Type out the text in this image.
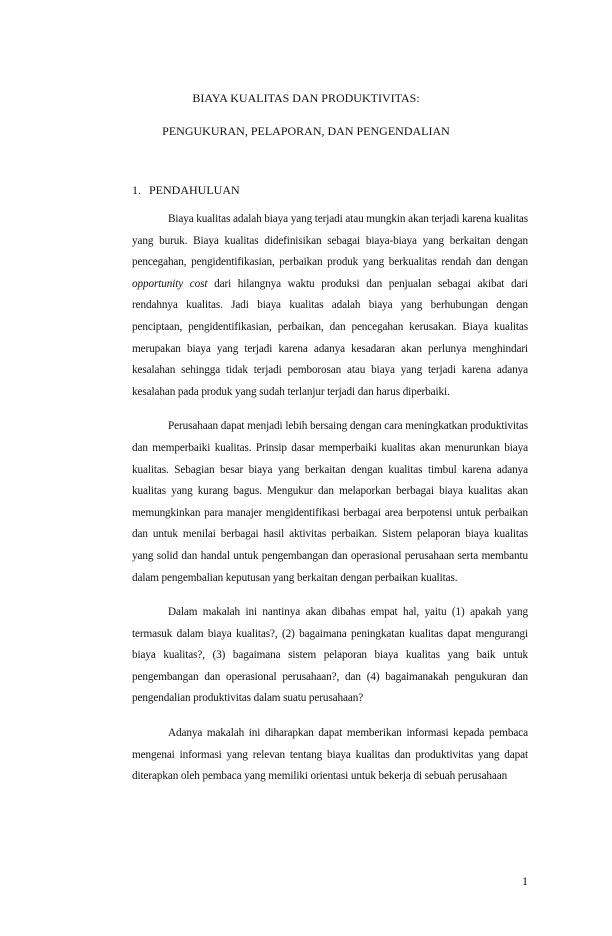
BIAYA KUALITAS DAN PRODUKTIVITAS:
PENGUKURAN, PELAPORAN, DAN PENGENDALIAN
1. PENDAHULUAN

Biaya kualitas adalah biaya yang terjadi atau mungkin akan terjadi karena kualitas yang buruk. Biaya kualitas didefinisikan sebagai biaya-biaya yang berkaitan dengan pencegahan, pengidentifikasian, perbaikan produk yang berkualitas rendah dan dengan opportunity cost dari hilangnya waktu produksi dan penjualan sebagai akibat dari rendahnya kualitas. Jadi biaya kualitas adalah biaya yang berhubungan dengan penciptaan, pengidentifikasian, perbaikan, dan pencegahan kerusakan. Biaya kualitas merupakan biaya yang terjadi karena adanya kesadaran akan perlunya menghindari kesalahan sehingga tidak terjadi pemborosan atau biaya yang terjadi karena adanya kesalahan pada produk yang sudah terlanjur terjadi dan harus diperbaiki.

Perusahaan dapat menjadi lebih bersaing dengan cara meningkatkan produktivitas dan memperbaiki kualitas. Prinsip dasar memperbaiki kualitas akan menurunkan biaya kualitas. Sebagian besar biaya yang berkaitan dengan kualitas timbul karena adanya kualitas yang kurang bagus. Mengukur dan melaporkan berbagai biaya kualitas akan memungkinkan para manajer mengidentifikasi berbagai area berpotensi untuk perbaikan dan untuk menilai berbagai hasil aktivitas perbaikan. Sistem pelaporan biaya kualitas yang solid dan handal untuk pengembangan dan operasional perusahaan serta membantu dalam pengembalian keputusan yang berkaitan dengan perbaikan kualitas.

Dalam makalah ini nantinya akan dibahas empat hal, yaitu (1) apakah yang termasuk dalam biaya kualitas?, (2) bagaimana peningkatan kualitas dapat mengurangi biaya kualitas?, (3) bagaimana sistem pelaporan biaya kualitas yang baik untuk pengembangan dan operasional perusahaan?, dan (4) bagaimanakah pengukuran dan pengendalian produktivitas dalam suatu perusahaan?

Adanya makalah ini diharapkan dapat memberikan informasi kepada pembaca mengenai informasi yang relevan tentang biaya kualitas dan produktivitas yang dapat diterapkan oleh pembaca yang memiliki orientasi untuk bekerja di sebuah perusahaan

1
